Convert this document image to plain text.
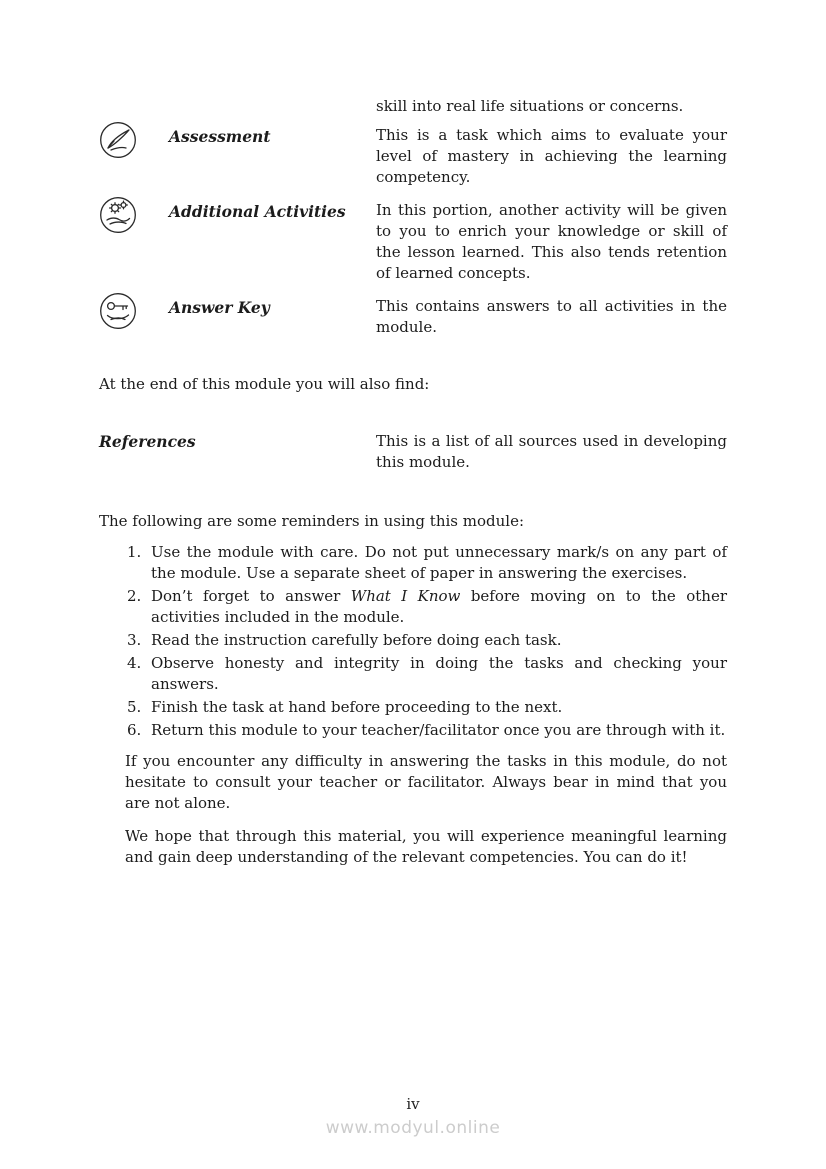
skill into real life situations or concerns.
Assessment	This is a task which aims to evaluate your level of mastery in achieving the learning competency.
Additional Activities	In this portion, another activity will be given to you to enrich your knowledge or skill of the lesson learned. This also tends retention of learned concepts.
Answer Key	This contains answers to all activities in the module.

At the end of this module you will also find:

References	This is a list of all sources used in developing this module.

The following are some reminders in using this module:

1. Use the module with care. Do not put unnecessary mark/s on any part of the module. Use a separate sheet of paper in answering the exercises.
2. Don’t forget to answer What I Know before moving on to the other activities included in the module.
3. Read the instruction carefully before doing each task.
4. Observe honesty and integrity in doing the tasks and checking your answers.
5. Finish the task at hand before proceeding to the next.
6. Return this module to your teacher/facilitator once you are through with it.

If you encounter any difficulty in answering the tasks in this module, do not hesitate to consult your teacher or facilitator. Always bear in mind that you are not alone.

We hope that through this material, you will experience meaningful learning and gain deep understanding of the relevant competencies. You can do it!

iv
www.modyul.online
